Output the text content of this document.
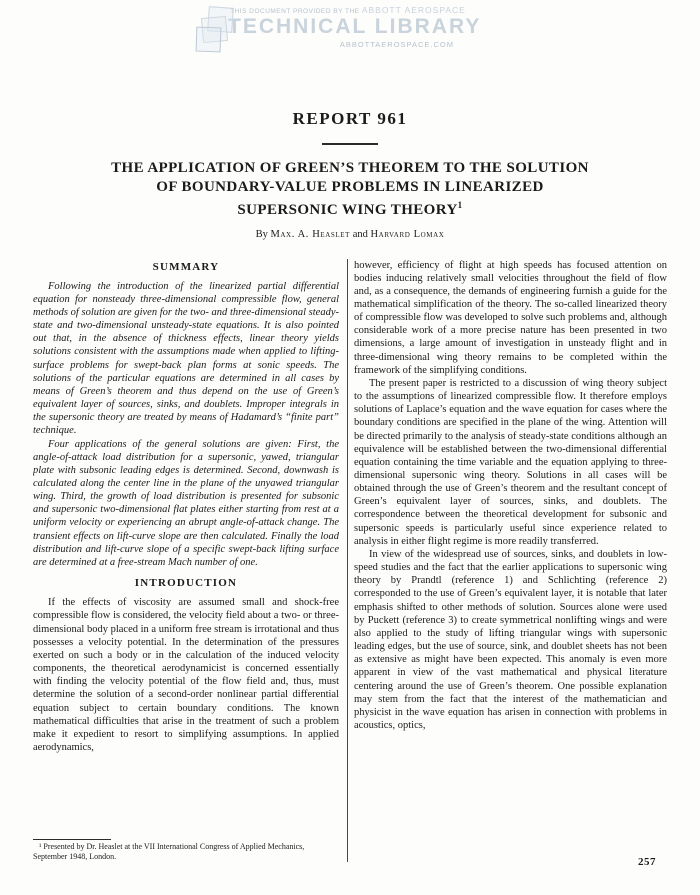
THIS DOCUMENT PROVIDED BY THE ABBOTT AEROSPACE
TECHNICAL LIBRARY
ABBOTTAEROSPACE.COM
REPORT 961
THE APPLICATION OF GREEN’S THEOREM TO THE SOLUTION
OF BOUNDARY-VALUE PROBLEMS IN LINEARIZED
SUPERSONIC WING THEORY$^1$
By Max. A. Heaslet and Harvard Lomax
SUMMARY

Following the introduction of the linearized partial differential equation for nonsteady three-dimensional compressible flow, general methods of solution are given for the two- and three-dimensional steady-state and two-dimensional unsteady-state equations. It is also pointed out that, in the absence of thickness effects, linear theory yields solutions consistent with the assumptions made when applied to lifting-surface problems for swept-back plan forms at sonic speeds. The solutions of the particular equations are determined in all cases by means of Green’s theorem and thus depend on the use of Green’s equivalent layer of sources, sinks, and doublets. Improper integrals in the supersonic theory are treated by means of Hadamard’s “finite part” technique.

Four applications of the general solutions are given: First, the angle-of-attack load distribution for a supersonic, yawed, triangular plate with subsonic leading edges is determined. Second, downwash is calculated along the center line in the plane of the unyawed triangular wing. Third, the growth of load distribution is presented for subsonic and supersonic two-dimensional flat plates either starting from rest at a uniform velocity or experiencing an abrupt angle-of-attack change. The transient effects on lift-curve slope are then calculated. Finally the load distribution and lift-curve slope of a specific swept-back lifting surface are determined at a free-stream Mach number of one.

INTRODUCTION

If the effects of viscosity are assumed small and shock-free compressible flow is considered, the velocity field about a two- or three-dimensional body placed in a uniform free stream is irrotational and thus possesses a velocity potential. In the determination of the pressures exerted on such a body or in the calculation of the induced velocity components, the theoretical aerodynamicist is concerned essentially with finding the velocity potential of the flow field and, thus, must determine the solution of a second-order nonlinear partial differential equation subject to certain boundary conditions. The known mathematical difficulties that arise in the treatment of such a problem make it expedient to resort to simplifying assumptions. In applied aerodynamics,

¹ Presented by Dr. Heaslet at the VII International Congress of Applied Mechanics, September 1948, London.

however, efficiency of flight at high speeds has focused attention on bodies inducing relatively small velocities throughout the field of flow and, as a consequence, the demands of engineering furnish a guide for the mathematical simplification of the theory. The so-called linearized theory of compressible flow was developed to solve such problems and, although considerable work of a more precise nature has been presented in two dimensions, a large amount of investigation in unsteady flight and in three-dimensional wing theory remains to be completed within the framework of the simplifying conditions.

The present paper is restricted to a discussion of wing theory subject to the assumptions of linearized compressible flow. It therefore employs solutions of Laplace’s equation and the wave equation for cases where the boundary conditions are specified in the plane of the wing. Attention will be directed primarily to the analysis of steady-state conditions although an equivalence will be established between the two-dimensional differential equation containing the time variable and the equation applying to three-dimensional supersonic wing theory. Solutions in all cases will be obtained through the use of Green’s theorem and the resultant concept of Green’s equivalent layer of sources, sinks, and doublets. The correspondence between the theoretical development for subsonic and supersonic speeds is particularly useful since experience related to analysis in either flight regime is more readily transferred.

In view of the widespread use of sources, sinks, and doublets in low-speed studies and the fact that the earlier applications to supersonic wing theory by Prandtl (reference 1) and Schlichting (reference 2) corresponded to the use of Green’s equivalent layer, it is notable that later emphasis shifted to other methods of solution. Sources alone were used by Puckett (reference 3) to create symmetrical nonlifting wings and were also applied to the study of lifting triangular wings with supersonic leading edges, but the use of source, sink, and doublet sheets has not been as extensive as might have been expected. This anomaly is even more apparent in view of the vast mathematical and physical literature centering around the use of Green’s theorem. One possible explanation may stem from the fact that the interest of the mathematician and physicist in the wave equation has arisen in connection with problems in acoustics, optics,

257
